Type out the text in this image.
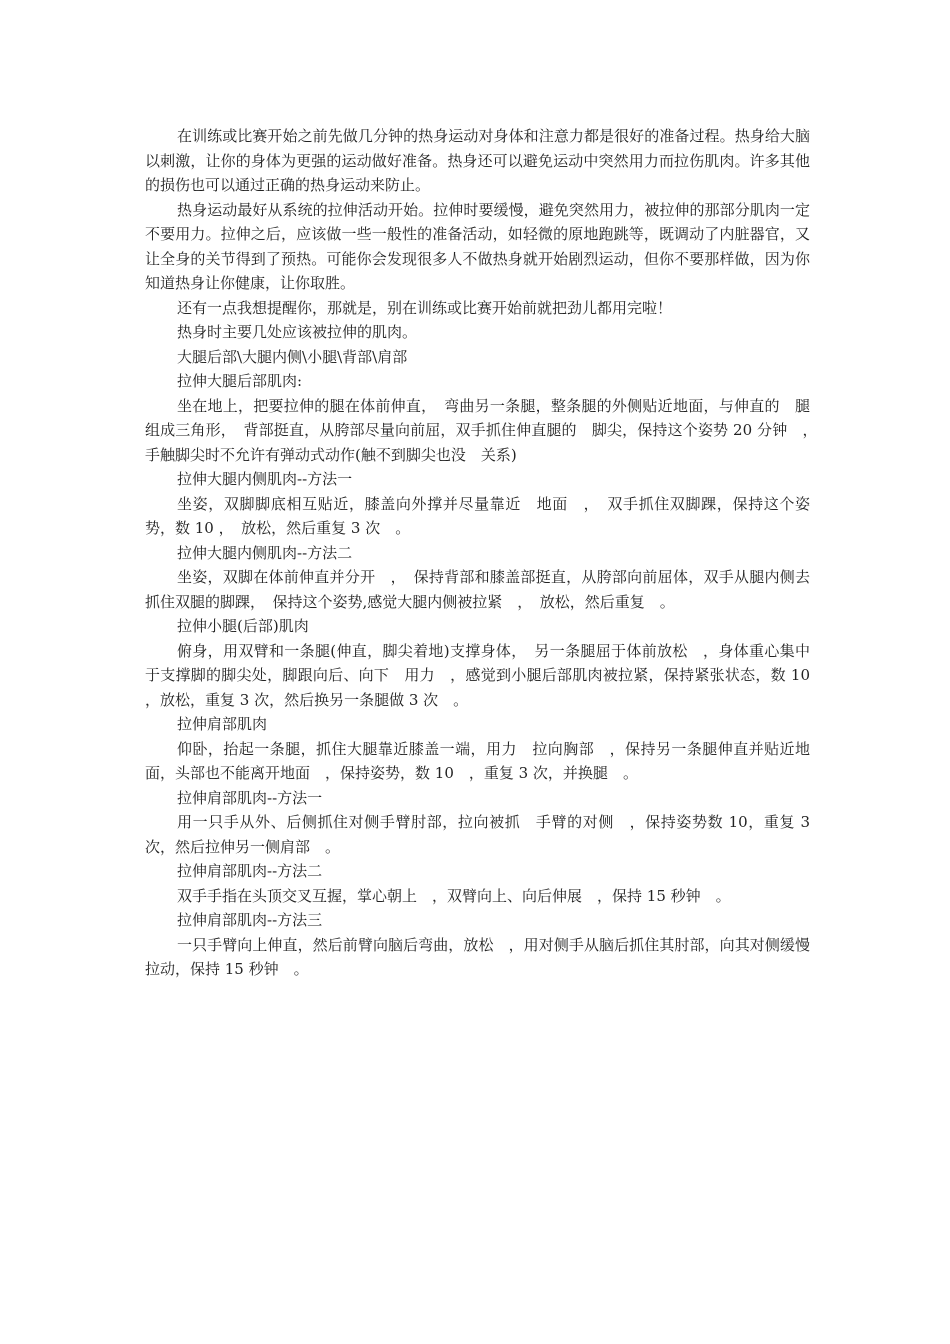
在训练或比赛开始之前先做几分钟的热身运动对身体和注意力都是很好的准备过程。热身给大脑以刺激，让你的身体为更强的运动做好准备。热身还可以避免运动中突然用力而拉伤肌肉。许多其他的损伤也可以通过正确的热身运动来防止。

热身运动最好从系统的拉伸活动开始。拉伸时要缓慢，避免突然用力，被拉伸的那部分肌肉一定不要用力。拉伸之后，应该做一些一般性的准备活动，如轻微的原地跑跳等，既调动了内脏器官，又让全身的关节得到了预热。可能你会发现很多人不做热身就开始剧烈运动，但你不要那样做，因为你知道热身让你健康，让你取胜。

还有一点我想提醒你，那就是，别在训练或比赛开始前就把劲儿都用完啦！

热身时主要几处应该被拉伸的肌肉。

大腿后部\大腿内侧\小腿\背部\肩部

拉伸大腿后部肌肉:

坐在地上，把要拉伸的腿在体前伸直，　弯曲另一条腿，整条腿的外侧贴近地面，与伸直的　腿组成三角形，　背部挺直，从胯部尽量向前屈，双手抓住伸直腿的　脚尖，保持这个姿势 20 分钟　，　手触脚尖时不允许有弹动式动作(触不到脚尖也没　关系)

拉伸大腿内侧肌肉--方法一

坐姿，双脚脚底相互贴近，膝盖向外撑并尽量靠近　地面　，　双手抓住双脚踝，保持这个姿势，数 10 ，　放松，然后重复 3 次　。

拉伸大腿内侧肌肉--方法二

坐姿，双脚在体前伸直并分开　，　保持背部和膝盖部挺直，从胯部向前屈体，双手从腿内侧去抓住双腿的脚踝，　保持这个姿势,感觉大腿内侧被拉紧　，　放松，然后重复　。

拉伸小腿(后部)肌肉

俯身，用双臂和一条腿(伸直，脚尖着地)支撑身体，　另一条腿屈于体前放松　，身体重心集中于支撑脚的脚尖处，脚跟向后、向下　用力　，感觉到小腿后部肌肉被拉紧，保持紧张状态，数 10　，放松，重复 3 次，然后换另一条腿做 3 次　。

拉伸肩部肌肉

仰卧，抬起一条腿，抓住大腿靠近膝盖一端，用力　拉向胸部　，保持另一条腿伸直并贴近地面，头部也不能离开地面　，保持姿势，数 10　，重复 3 次，并换腿　。

拉伸肩部肌肉--方法一

用一只手从外、后侧抓住对侧手臂肘部，拉向被抓　手臂的对侧　，保持姿势数 10，重复 3 次，然后拉伸另一侧肩部　。

拉伸肩部肌肉--方法二

双手手指在头顶交叉互握，掌心朝上　，双臂向上、向后伸展　，保持 15 秒钟　。

拉伸肩部肌肉--方法三

一只手臂向上伸直，然后前臂向脑后弯曲，放松　，用对侧手从脑后抓住其肘部，向其对侧缓慢拉动，保持 15 秒钟　。
